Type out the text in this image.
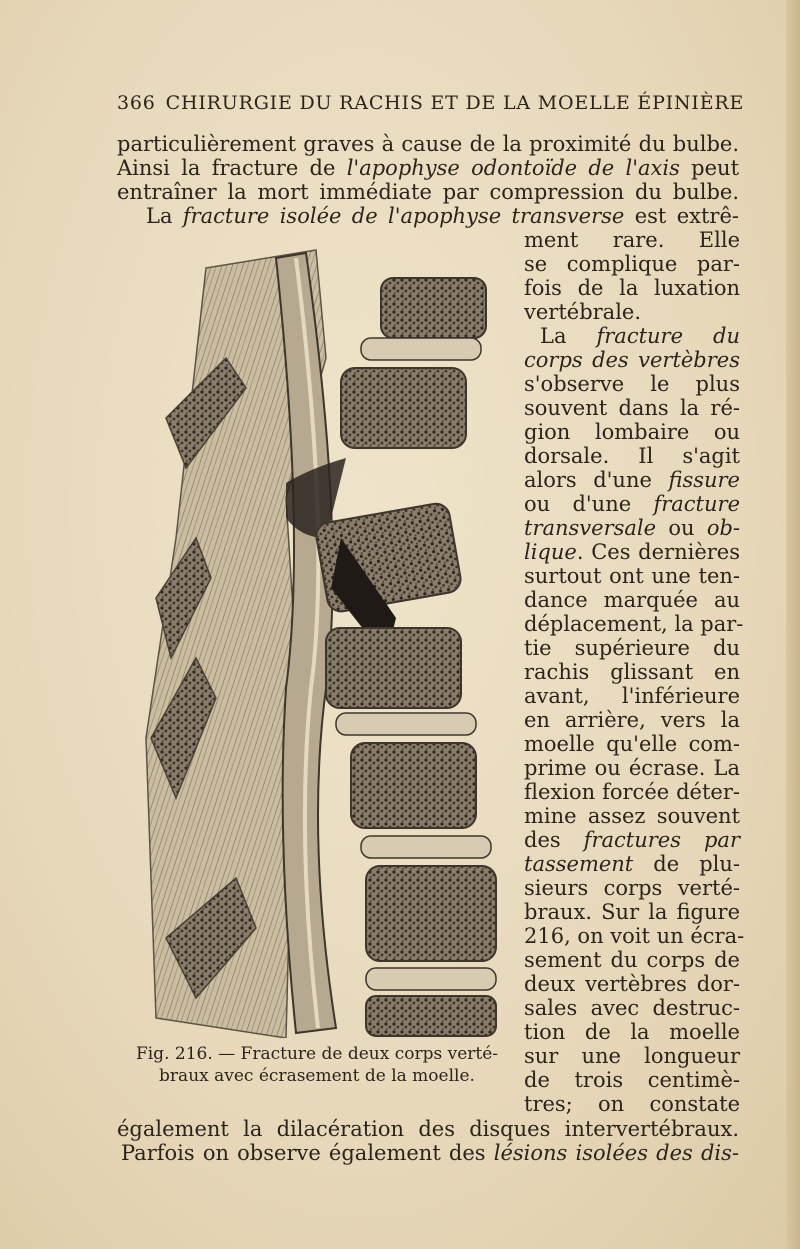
366 CHIRURGIE DU RACHIS ET DE LA MOELLE ÉPINIÈRE
particulièrement graves à cause de la proximité du bulbe.
Ainsi la fracture de l'apophyse odontoïde de l'axis peut
entraîner la mort immédiate par compression du bulbe.
La fracture isolée de l'apophyse transverse est extrê-
ment rare. Elle
se complique par-
fois de la luxation
vertébrale.
La fracture du
corps des vertèbres
s'observe le plus
souvent dans la ré-
gion lombaire ou
dorsale. Il s'agit
alors d'une fissure
ou d'une fracture
transversale ou ob-
lique. Ces dernières
surtout ont une ten-
dance marquée au
déplacement, la par-
tie supérieure du
rachis glissant en
avant, l'inférieure
en arrière, vers la
moelle qu'elle com-
prime ou écrase. La
flexion forcée déter-
mine assez souvent
des fractures par
tassement de plu-
sieurs corps verté-
braux. Sur la figure
216, on voit un écra-
sement du corps de
deux vertèbres dor-
sales avec destruc-
tion de la moelle
sur une longueur
de trois centimè-
tres; on constate
Fig. 216. — Fracture de deux corps verté-
braux avec écrasement de la moelle.
également la dilacération des disques intervertébraux.
Parfois on observe également des lésions isolées des dis-
